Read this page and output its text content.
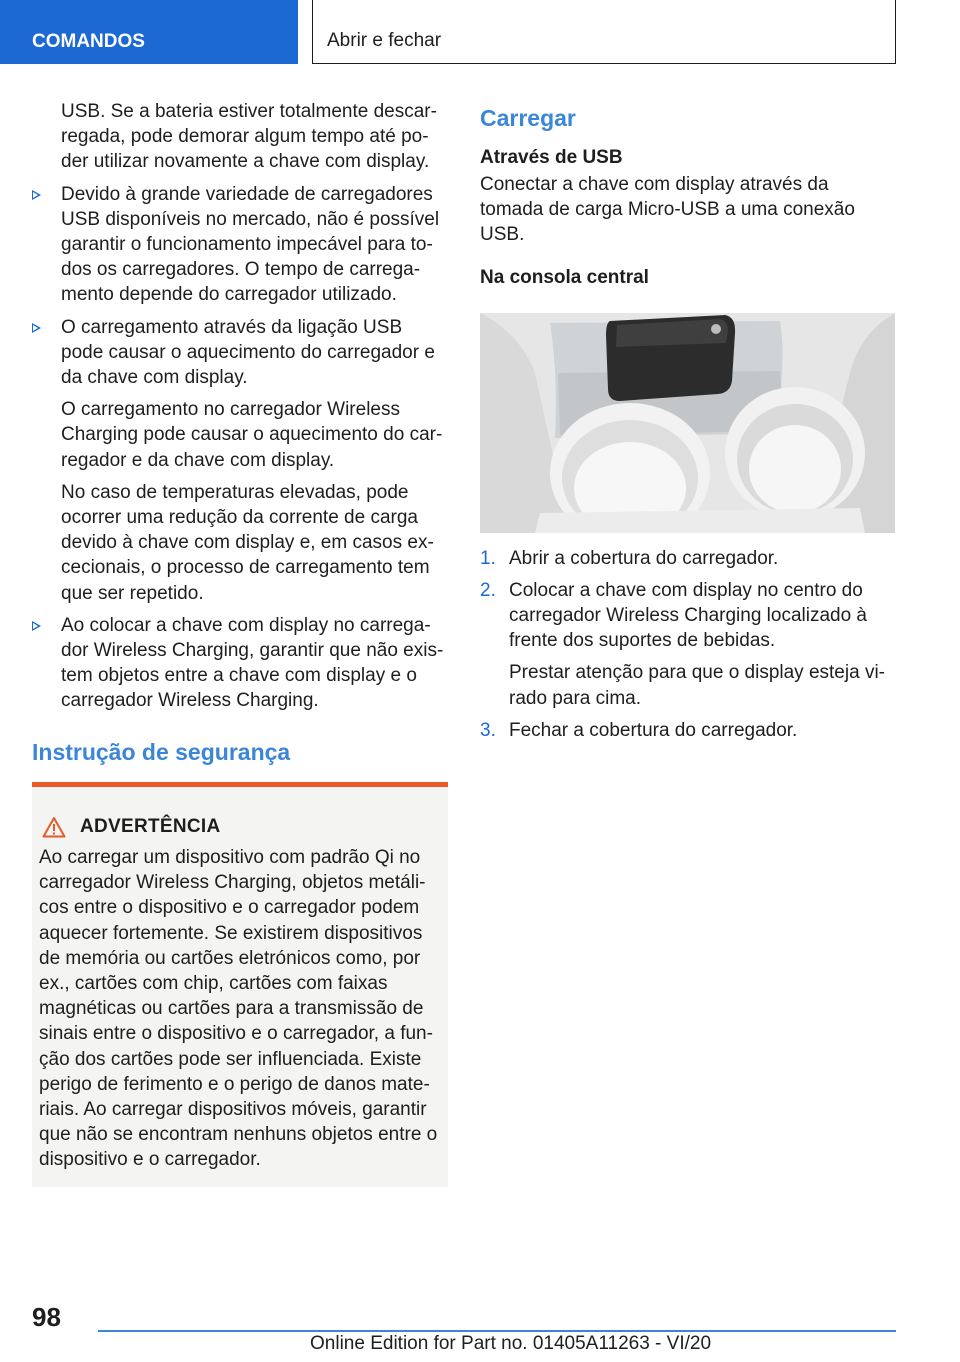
COMANDOS	Abrir e fechar
USB. Se a bateria estiver totalmente descarregada, pode demorar algum tempo até poder utilizar novamente a chave com display.
Devido à grande variedade de carregadores USB disponíveis no mercado, não é possível garantir o funcionamento impecável para todos os carregadores. O tempo de carregamento depende do carregador utilizado.
O carregamento através da ligação USB pode causar o aquecimento do carregador e da chave com display.
O carregamento no carregador Wireless Charging pode causar o aquecimento do carregador e da chave com display.
No caso de temperaturas elevadas, pode ocorrer uma redução da corrente de carga devido à chave com display e, em casos excecionais, o processo de carregamento tem que ser repetido.
Ao colocar a chave com display no carregador Wireless Charging, garantir que não existem objetos entre a chave com display e o carregador Wireless Charging.
Instrução de segurança
ADVERTÊNCIA
Ao carregar um dispositivo com padrão Qi no carregador Wireless Charging, objetos metálicos entre o dispositivo e o carregador podem aquecer fortemente. Se existirem dispositivos de memória ou cartões eletrónicos como, por ex., cartões com chip, cartões com faixas magnéticas ou cartões para a transmissão de sinais entre o dispositivo e o carregador, a função dos cartões pode ser influenciada. Existe perigo de ferimento e o perigo de danos materiais. Ao carregar dispositivos móveis, garantir que não se encontram nenhuns objetos entre o dispositivo e o carregador.
Carregar
Através de USB
Conectar a chave com display através da tomada de carga Micro-USB a uma conexão USB.
Na consola central
1. Abrir a cobertura do carregador.
2. Colocar a chave com display no centro do carregador Wireless Charging localizado à frente dos suportes de bebidas.
Prestar atenção para que o display esteja virado para cima.
3. Fechar a cobertura do carregador.
98
Online Edition for Part no. 01405A11263 - VI/20
